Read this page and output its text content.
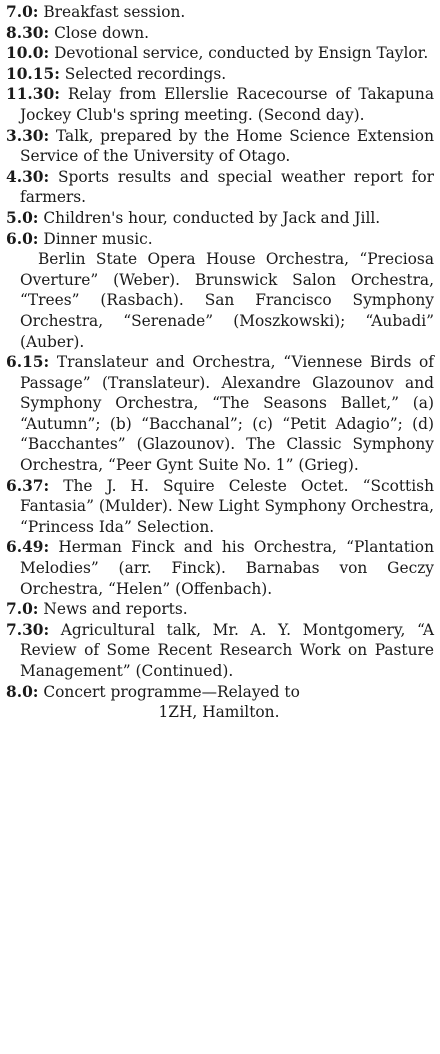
7.0: Breakfast session.

8.30: Close down.

10.0: Devotional service, conducted by Ensign Taylor.

10.15: Selected recordings.

11.30: Relay from Ellerslie Racecourse of Takapuna Jockey Club's spring meeting. (Second day).

3.30: Talk, prepared by the Home Science Extension Service of the University of Otago.

4.30: Sports results and special weather report for farmers.

5.0: Children's hour, conducted by Jack and Jill.

6.0: Dinner music.

Berlin State Opera House Orchestra, “Preciosa Overture” (Weber). Brunswick Salon Orchestra, “Trees” (Rasbach). San Francisco Symphony Orchestra, “Serenade” (Moszkowski); “Aubadi” (Auber).

6.15: Translateur and Orchestra, “Viennese Birds of Passage” (Translateur). Alexandre Glazounov and Symphony Orchestra, “The Seasons Ballet,” (a) “Autumn”; (b) “Bacchanal”; (c) “Petit Adagio”; (d) “Bacchantes” (Glazounov). The Classic Symphony Orchestra, “Peer Gynt Suite No. 1” (Grieg).

6.37: The J. H. Squire Celeste Octet. “Scottish Fantasia” (Mulder). New Light Symphony Orchestra, “Princess Ida” Selection.

6.49: Herman Finck and his Orchestra, “Plantation Melodies” (arr. Finck). Barnabas von Geczy Orchestra, “Helen” (Offenbach).

7.0: News and reports.

7.30: Agricultural talk, Mr. A. Y. Montgomery, “A Review of Some Recent Research Work on Pasture Management” (Continued).

8.0: Concert programme—Relayed to

1ZH, Hamilton.
